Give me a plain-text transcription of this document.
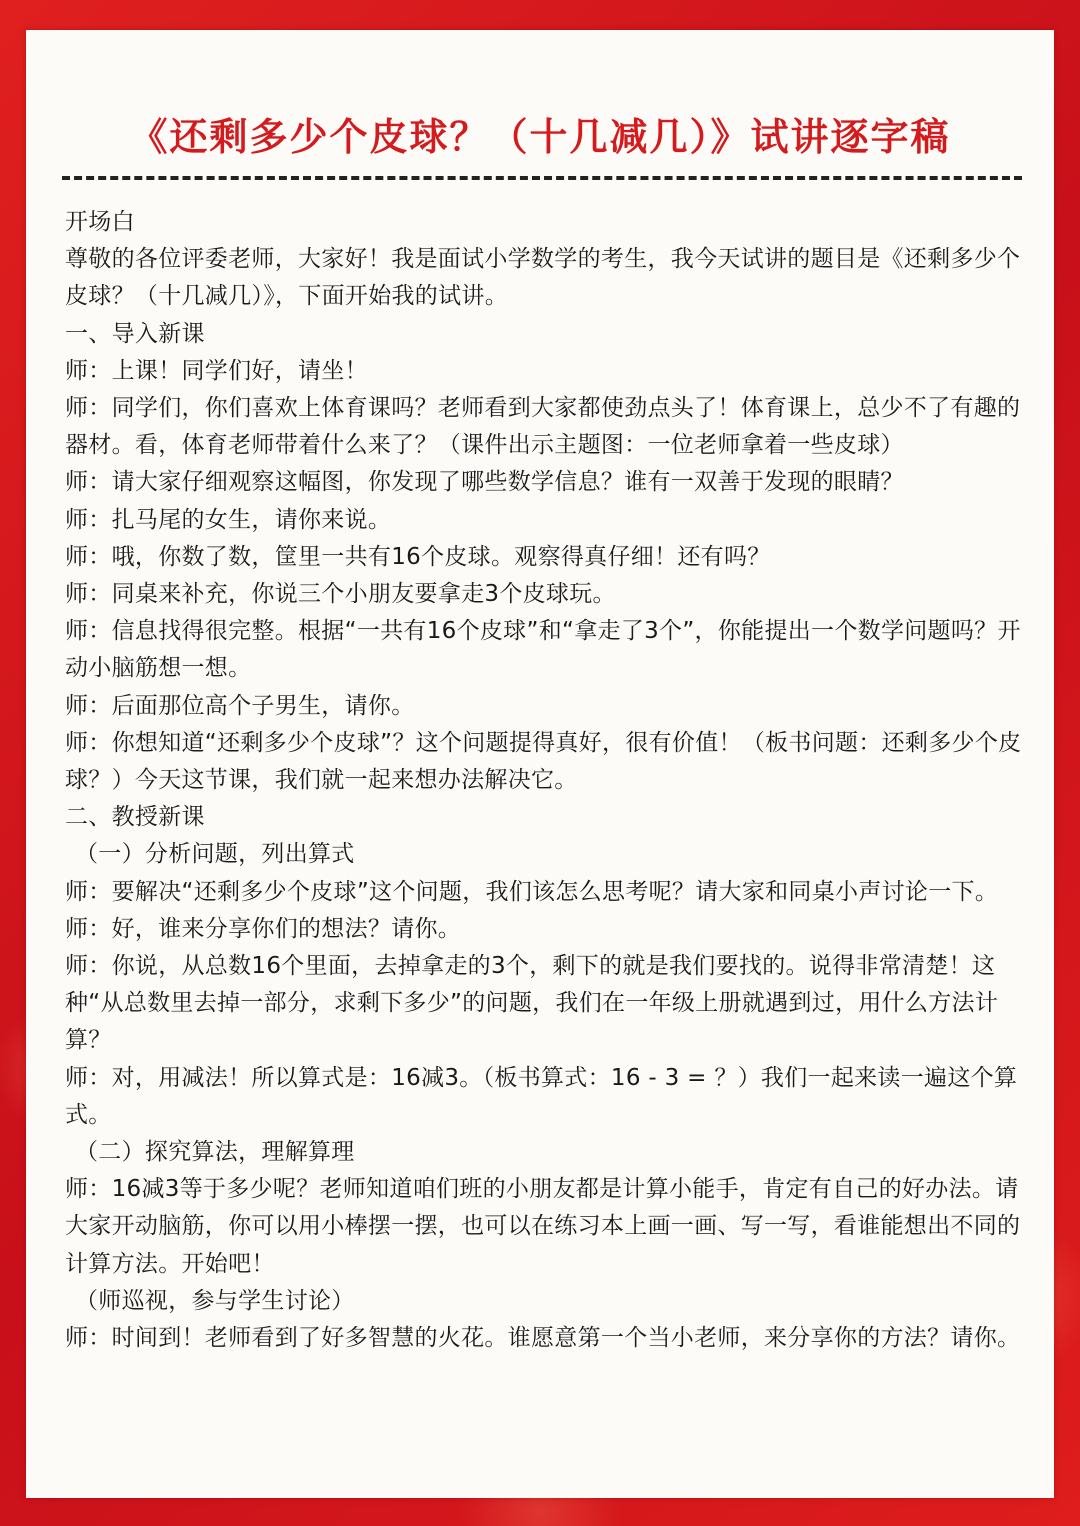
《还剩多少个皮球？（十几减几）》试讲逐字稿

开场白

尊敬的各位评委老师，大家好！我是面试小学数学的考生，我今天试讲的题目是《还剩多少个皮球？（十几减几）》，下面开始我的试讲。

一、导入新课

师：上课！同学们好，请坐！

师：同学们，你们喜欢上体育课吗？老师看到大家都使劲点头了！体育课上，总少不了有趣的器材。看，体育老师带着什么来了？（课件出示主题图：一位老师拿着一些皮球）

师：请大家仔细观察这幅图，你发现了哪些数学信息？谁有一双善于发现的眼睛？

师：扎马尾的女生，请你来说。

师：哦，你数了数，筐里一共有16个皮球。观察得真仔细！还有吗？

师：同桌来补充，你说三个小朋友要拿走3个皮球玩。

师：信息找得很完整。根据“一共有16个皮球”和“拿走了3个”，你能提出一个数学问题吗？开动小脑筋想一想。

师：后面那位高个子男生，请你。

师：你想知道“还剩多少个皮球”？这个问题提得真好，很有价值！（板书问题：还剩多少个皮球？）今天这节课，我们就一起来想办法解决它。

二、教授新课

（一）分析问题，列出算式

师：要解决“还剩多少个皮球”这个问题，我们该怎么思考呢？请大家和同桌小声讨论一下。

师：好，谁来分享你们的想法？请你。

师：你说，从总数16个里面，去掉拿走的3个，剩下的就是我们要找的。说得非常清楚！这种“从总数里去掉一部分，求剩下多少”的问题，我们在一年级上册就遇到过，用什么方法计算？

师：对，用减法！所以算式是：16减3。（板书算式：16 - 3 = ？）我们一起来读一遍这个算式。

（二）探究算法，理解算理

师：16减3等于多少呢？老师知道咱们班的小朋友都是计算小能手，肯定有自己的好办法。请大家开动脑筋，你可以用小棒摆一摆，也可以在练习本上画一画、写一写，看谁能想出不同的计算方法。开始吧！

（师巡视，参与学生讨论）

师：时间到！老师看到了好多智慧的火花。谁愿意第一个当小老师，来分享你的方法？请你。
